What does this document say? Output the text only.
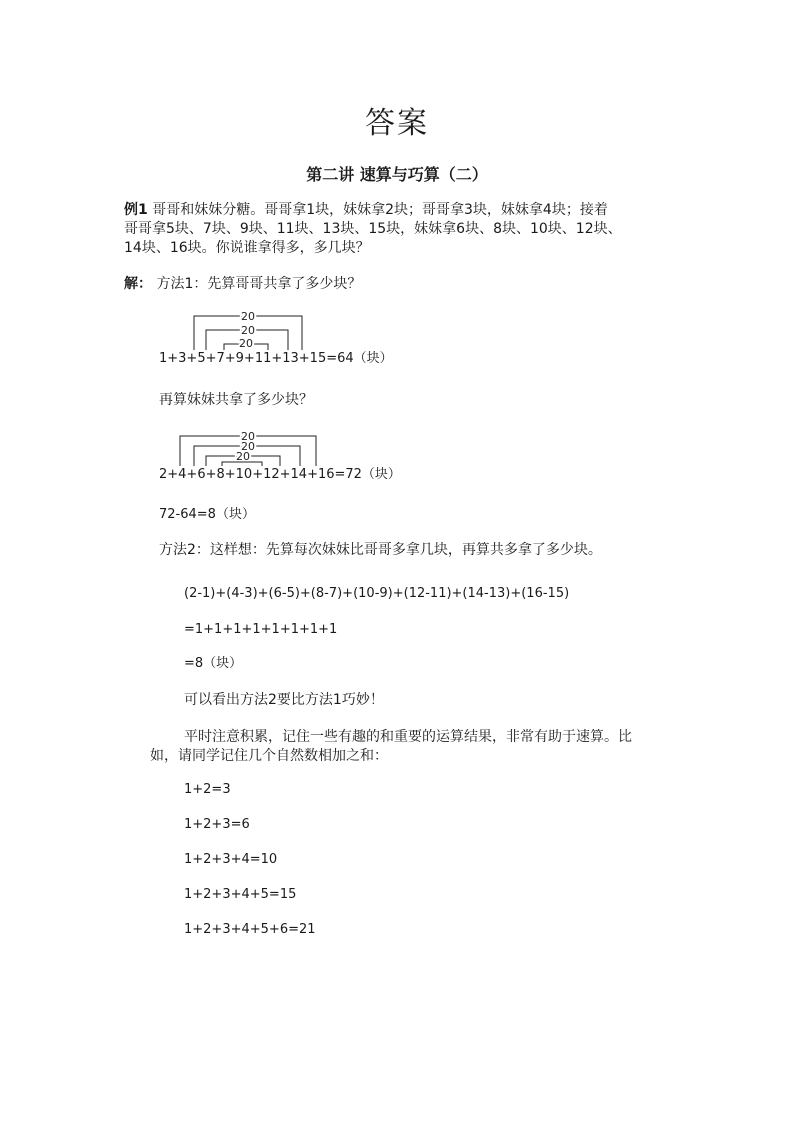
答案
第二讲 速算与巧算（二）
例1 哥哥和妹妹分糖。哥哥拿1块，妹妹拿2块；哥哥拿3块，妹妹拿4块；接着
哥哥拿5块、7块、9块、11块、13块、15块，妹妹拿6块、8块、10块、12块、
14块、16块。你说谁拿得多，多几块？
解： 方法1：先算哥哥共拿了多少块？
20
20
20
1+3+5+7+9+11+13+15=64（块）
再算妹妹共拿了多少块？
20
20
20
2+4+6+8+10+12+14+16=72（块）
72-64=8（块）
方法2：这样想：先算每次妹妹比哥哥多拿几块，再算共多拿了多少块。
(2-1)+(4-3)+(6-5)+(8-7)+(10-9)+(12-11)+(14-13)+(16-15)
=1+1+1+1+1+1+1+1
=8（块）
可以看出方法2要比方法1巧妙！
平时注意积累，记住一些有趣的和重要的运算结果，非常有助于速算。比
如，请同学记住几个自然数相加之和：
1+2=3
1+2+3=6
1+2+3+4=10
1+2+3+4+5=15
1+2+3+4+5+6=21
